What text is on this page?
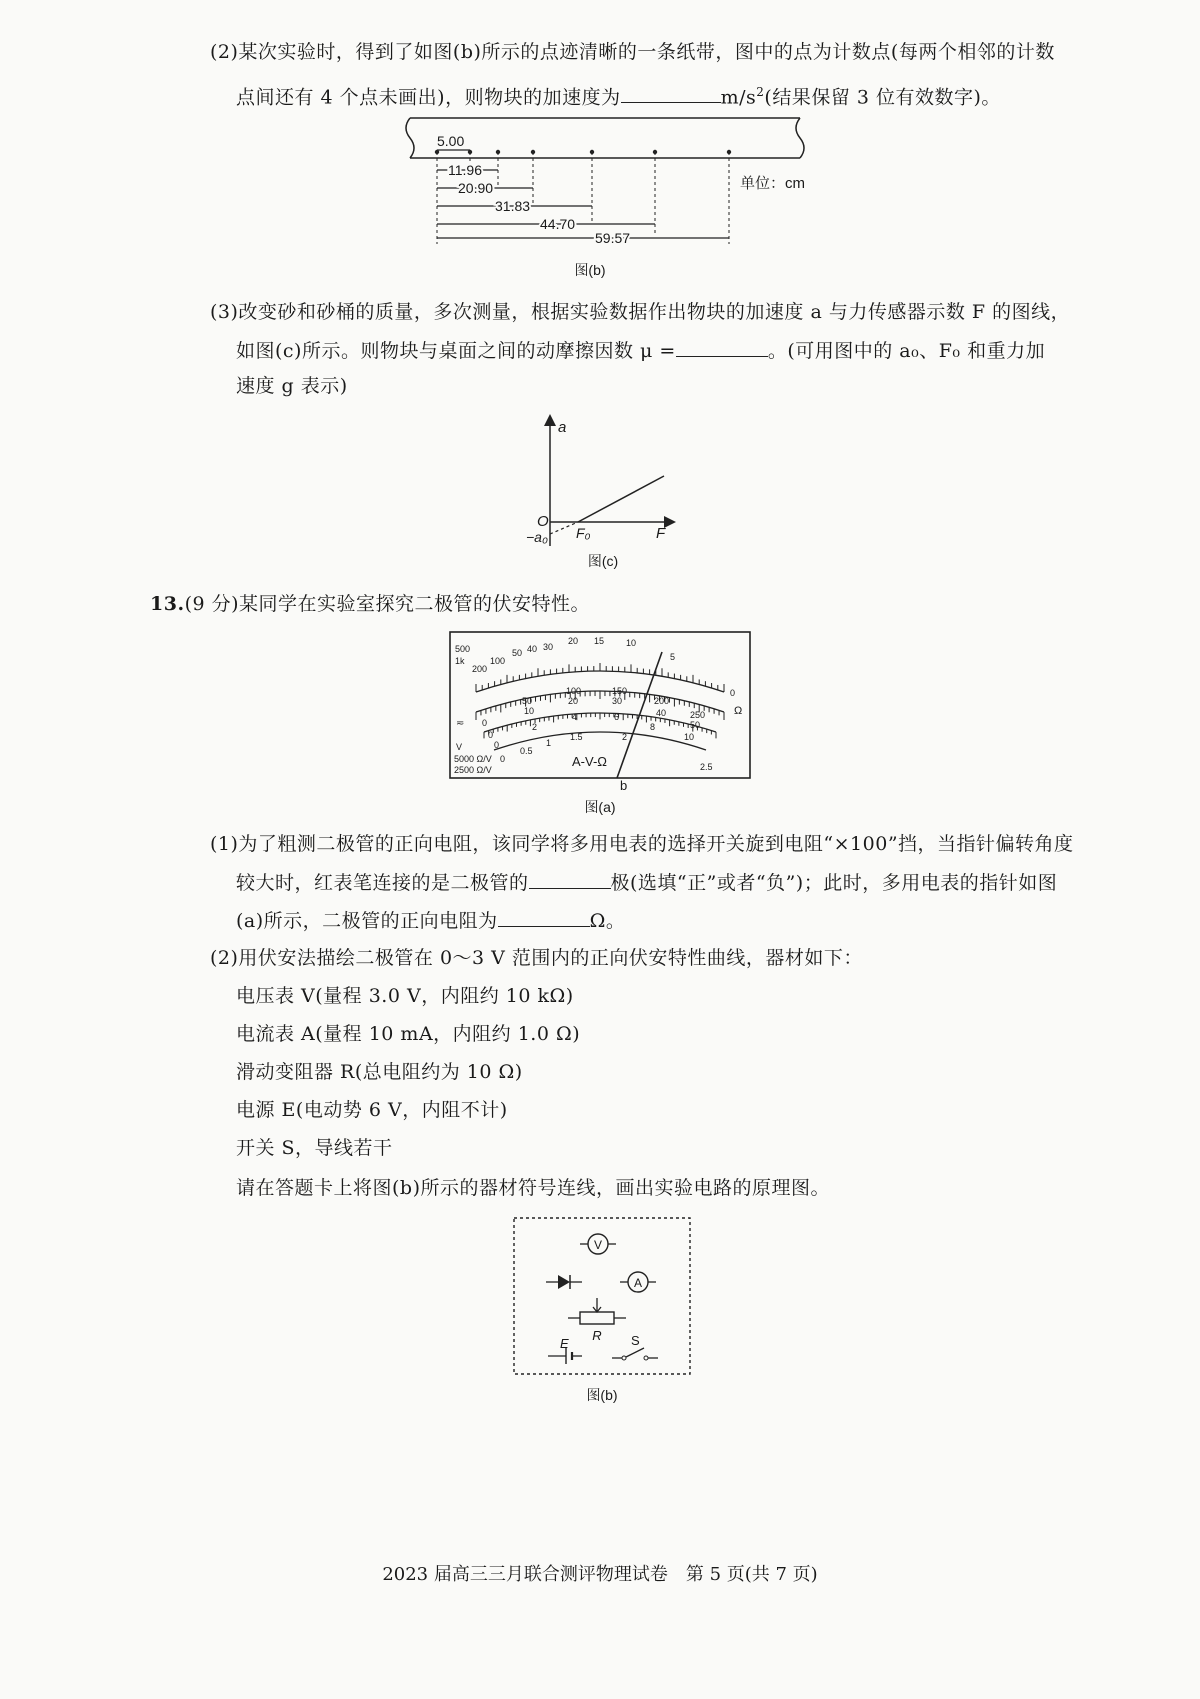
(2)某次实验时，得到了如图(b)所示的点迹清晰的一条纸带，图中的点为计数点(每两个相邻的计数
点间还有 4 个点未画出)，则物块的加速度为	$m/s^2$(结果保留 3 位有效数字)。
5.00
11.96
20.90
31.83
44.70
59.57
单位：cm
图(b)
(3)改变砂和砂桶的质量，多次测量，根据实验数据作出物块的加速度 a 与力传感器示数 F 的图线，
如图(c)所示。则物块与桌面之间的动摩擦因数 μ =	。(可用图中的 a₀、F₀ 和重力加
速度 g 表示)
a
F
O
−a₀ F₀
图(c)
13.(9 分)某同学在实验室探究二极管的伏安特性。
500
1k
200
100
50 40 30
20 15 10
5
0
Ω
0
50
100	150
200
250
0
10
20	30
40
50
0
2
4	6
8
10
0
0.5
1
1.5	2
2.5
≂
V
5000 Ω/V
2500 Ω/V
A-V-Ω
b
图(a)
(1)为了粗测二极管的正向电阻，该同学将多用电表的选择开关旋到电阻“×100”挡，当指针偏转角度
较大时，红表笔连接的是二极管的	极(选填“正”或者“负”)；此时，多用电表的指针如图
(a)所示，二极管的正向电阻为	Ω。
(2)用伏安法描绘二极管在 0～3 V 范围内的正向伏安特性曲线，器材如下：
电压表 V(量程 3.0 V，内阻约 10 kΩ)
电流表 A(量程 10 mA，内阻约 1.0 Ω)
滑动变阻器 R(总电阻约为 10 Ω)
电源 E(电动势 6 V，内阻不计)
开关 S，导线若干
请在答题卡上将图(b)所示的器材符号连线，画出实验电路的原理图。
V
A
R
E	S
图(b)
2023 届高三三月联合测评物理试卷　第 5 页(共 7 页)
